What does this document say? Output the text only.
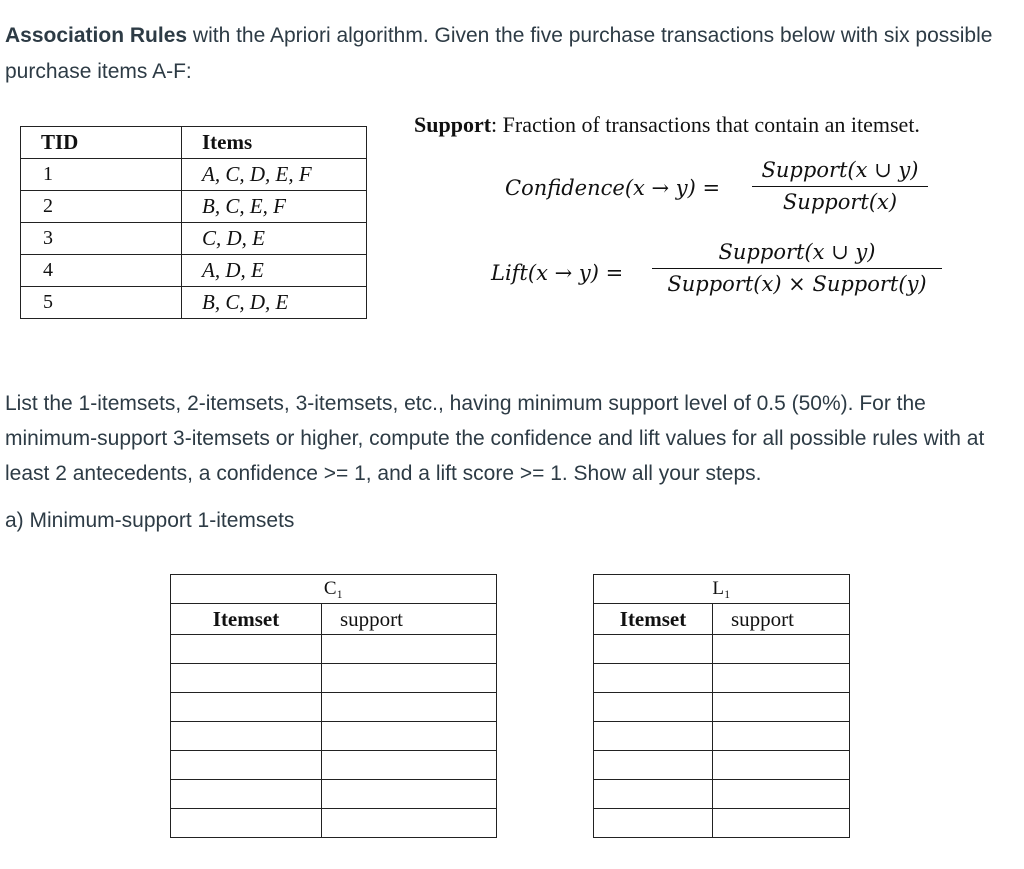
Association Rules with the Apriori algorithm. Given the five purchase transactions below with six possible purchase items A-F:
TID	Items
1	A, C, D, E, F
2	B, C, E, F
3	C, D, E
4	A, D, E
5	B, C, D, E
Support: Fraction of transactions that contain an itemset.
Confidence(x → y) =
Support(x ∪ y)
Support(x)
Lift(x → y) =
Support(x ∪ y)
Support(x) × Support(y)
List the 1-itemsets, 2-itemsets, 3-itemsets, etc., having minimum support level of 0.5 (50%). For the minimum-support 3-itemsets or higher, compute the confidence and lift values for all possible rules with at least 2 antecedents, a confidence >= 1, and a lift score >= 1. Show all your steps.
a) Minimum-support 1-itemsets
C₁	
Itemset	support

L₁	
Itemset	support
